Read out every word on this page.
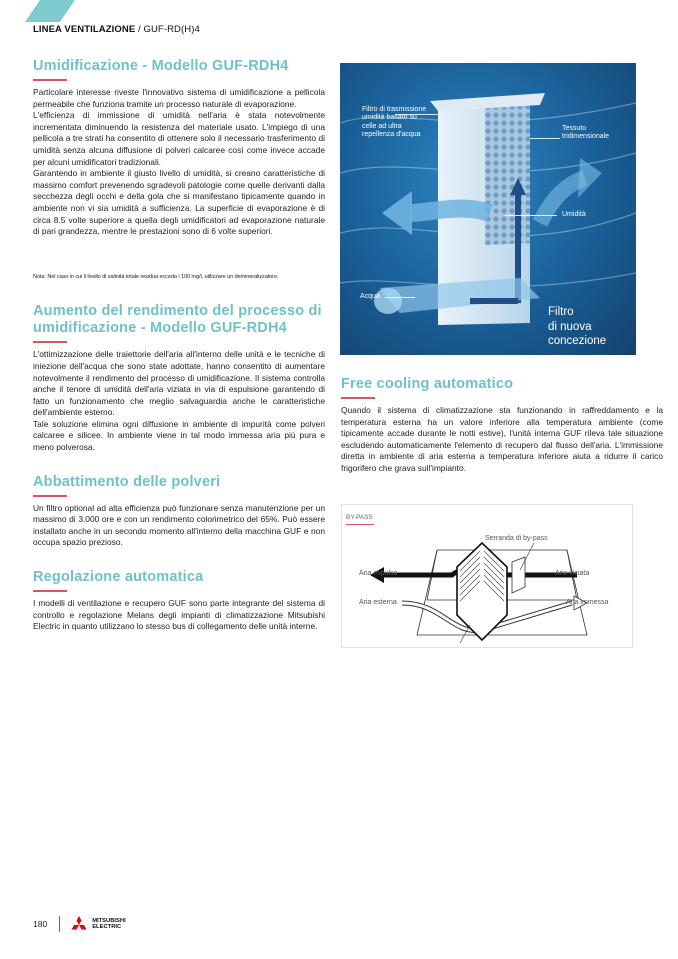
LINEA VENTILAZIONE / GUF-RD(H)4
Umidificazione - Modello GUF-RDH4

Particolare interesse riveste l'innovativo sistema di umidificazione a pellicola permeabile che funziona tramite un processo naturale di evaporazione.

L'efficienza di immissione di umidità nell'aria è stata notevolmente incrementata diminuendo la resistenza del materiale usato. L'impiego di una pellicola a tre strati ha consentito di ottenere solo il necessario trasferimento di umidità senza alcuna diffusione di polveri calcaree così come invece accade per alcuni umidificatori tradizionali.

Garantendo in ambiente il giusto livello di umidità, si creano caratteristiche di massimo comfort prevenendo sgradevoli patologie come quelle derivanti dalla secchezza degli occhi e della gola che si manifestano tipicamente quando in ambiente non vi sia umidità a sufficienza. La superficie di evaporazione è di circa 8.5 volte superiore a quella degli umidificatori ad evaporazione naturale di pari grandezza, mentre le prestazioni sono di 6 volte superiori.

Nota: Nel caso in cui il livello di salinità totale residua ecceda i 100 mg/l, utilizzare un demineralizzatore.

Aumento del rendimento del processo di umidificazione - Modello GUF-RDH4

L'ottimizzazione delle traiettorie dell'aria all'interno delle unità e le tecniche di iniezione dell'acqua che sono state adottate, hanno consentito di aumentare notevolmente il rendimento del processo di umidificazione. Il sistema controlla anche il tenore di umidità dell'aria viziata in via di espulsione garantendo di fatto un funzionamento che meglio salvaguardia anche le caratteristiche dell'ambiente esterno.

Tale soluzione elimina ogni diffusione in ambiente di impurità come polveri calcaree e silicee. In ambiente viene in tal modo immessa aria più pura e meno polverosa.

Abbattimento delle polveri

Un filtro optional ad alta efficienza può funzionare senza manutenzione per un massimo di 3.000 ore e con un rendimento colorimetrico del 65%. Può essere installato anche in un secondo momento all'interno della macchina GUF e non occupa spazio prezioso.

Regolazione automatica

I modelli di ventilazione e recupero GUF sono parte integrante del sistema di controllo e regolazione Melans degli impianti di climatizzazione Mitsubishi Electric in quanto utilizzano lo stesso bus di collegamento delle unità interne.

Filtro di trasmissione umidità basato su celle ad ultra repellenza d'acqua
Tessuto tridimensionale
Umidità
Acqua
Filtro
di nuova
concezione
Free cooling automatico

Quando il sistema di climatizzazione sta funzionando in raffreddamento e la temperatura esterna ha un valore inferiore alla temperatura ambiente (come tipicamente accade durante le notti estive), l'unità interna GUF rileva tale situazione escludendo automaticamente l'elemento di recupero dal flusso dell'aria. L'immissione diretta in ambiente di aria esterna a temperatura inferiore aiuta a ridurre il carico frigorifero che grava sull'impianto.

BY-PASS
Serranda di by-pass
Aria espulsa	Aria viziata
Aria esterna	Aria immessa
180	MITSUBISHI
ELECTRIC
